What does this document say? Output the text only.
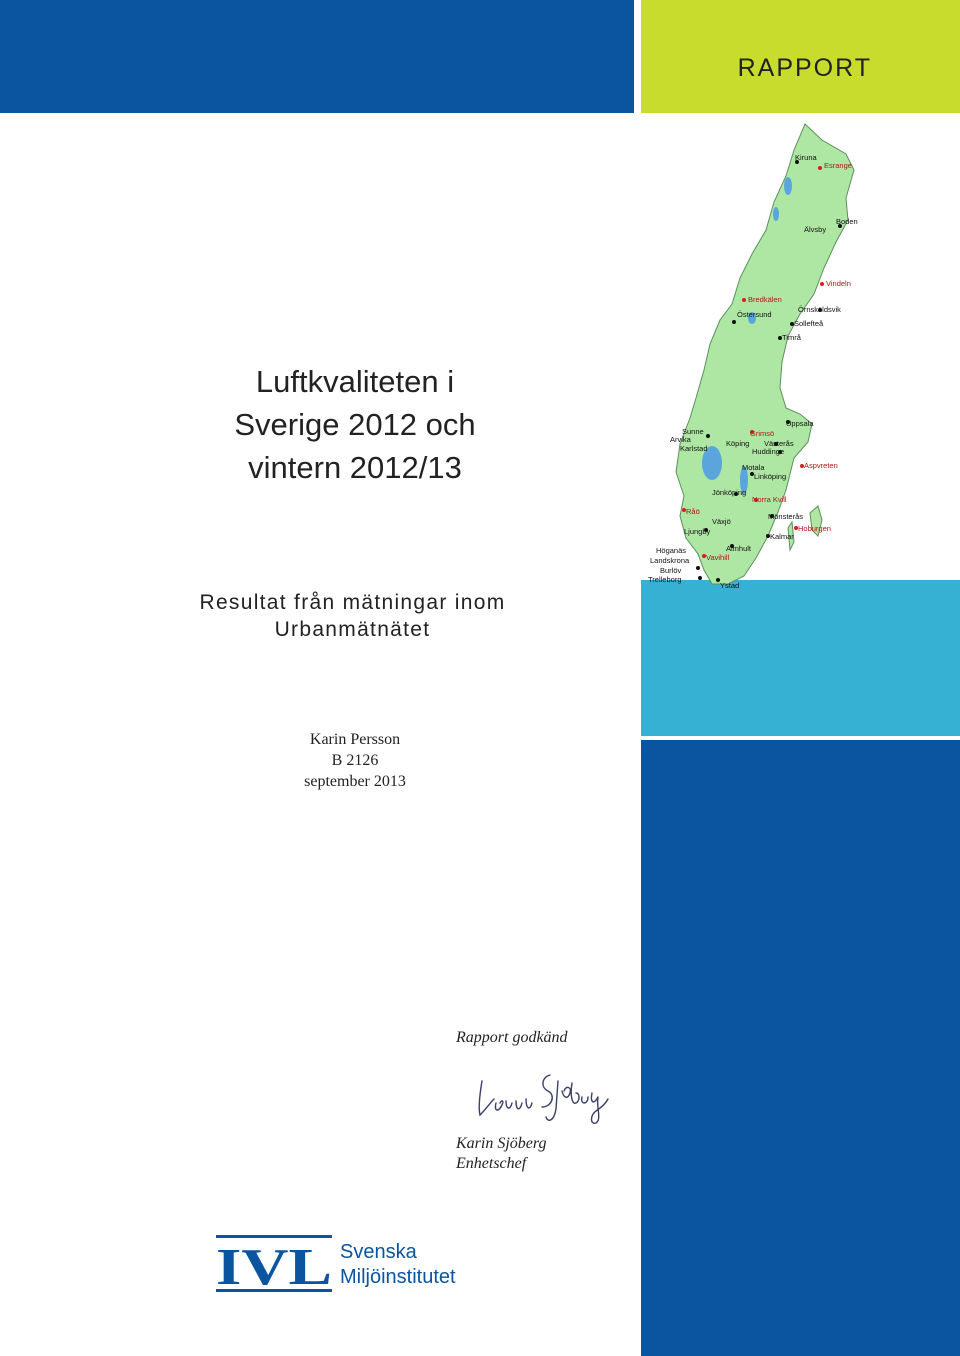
RAPPORT
Luftkvaliteten i
Sverige 2012 och
vintern 2012/13
Resultat från mätningar inom
Urbanmätnätet
Karin Persson
B 2126
september 2013
Rapport godkänd
Karin Sjöberg
Enhetschef
IVL Svenska
Miljöinstitutet
Kiruna
Esrange
Älvsby
Boden
Vindeln
Bredkälen
Östersund
Örnsköldsvik
Sollefteå
Timrå
Uppsala
Sunne
Arvika
Karlstad
Grimsö
Köping Västerås
Huddinge
Aspvreten
Motala
Linköping
Jönköping
Norra Kvill
Råö
Växjö
Ljungby
Mönsterås
Hoburgen
Kalmar
Almhult
Vavihill
Höganäs
Landskrona
Burlöv
Trelleborg
Ystad
